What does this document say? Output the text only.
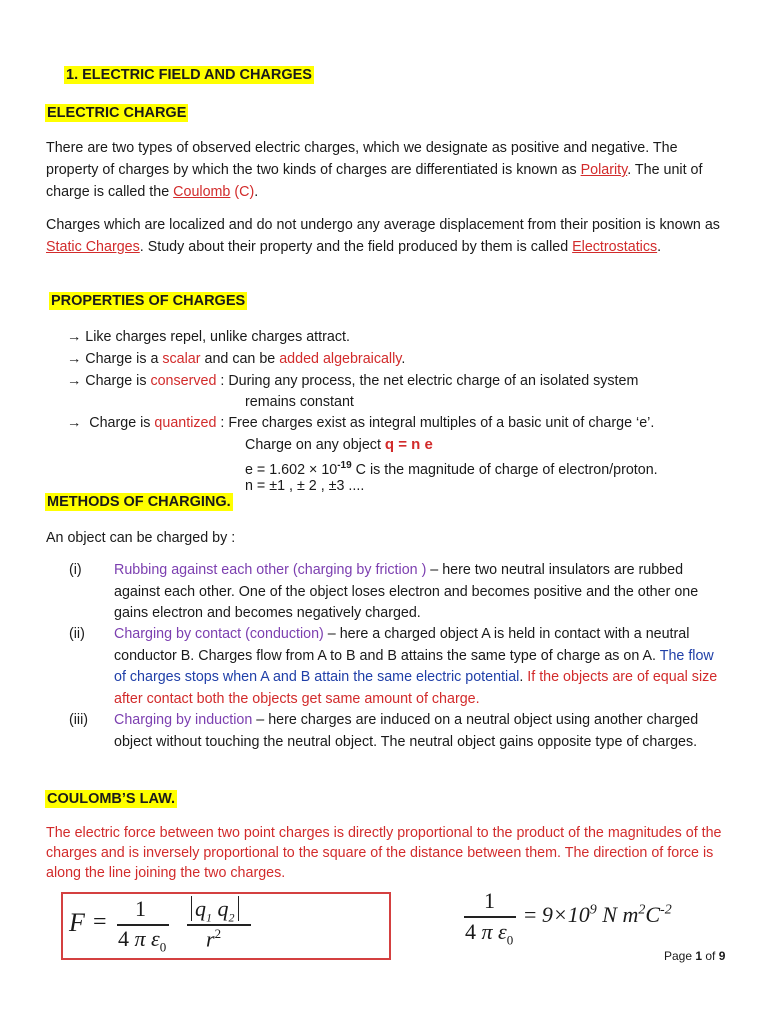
1. ELECTRIC FIELD AND CHARGES
ELECTRIC CHARGE
There are two types of observed electric charges, which we designate as positive and negative. The property of charges by which the two kinds of charges are differentiated is known as Polarity. The unit of charge is called the Coulomb (C).
Charges which are localized and do not undergo any average displacement from their position is known as Static Charges. Study about their property and the field produced by them is called Electrostatics.
PROPERTIES OF CHARGES
→ Like charges repel, unlike charges attract.
→ Charge is a scalar and can be added algebraically.
→ Charge is conserved : During any process, the net electric charge of an isolated system
remains constant
→ Charge is quantized : Free charges exist as integral multiples of a basic unit of charge ‘e’.
Charge on any object q = n e
$e = 1.602 \times 10^{-19}$ C is the magnitude of charge of electron/proton.
n = ±1 , ± 2 , ±3 ....
METHODS OF CHARGING.
An object can be charged by :
(i) Rubbing against each other (charging by friction ) – here two neutral insulators are rubbed against each other. One of the object loses electron and becomes positive and the other one gains electron and becomes negatively charged.
(ii) Charging by contact (conduction) – here a charged object A is held in contact with a neutral conductor B. Charges flow from A to B and B attains the same type of charge as on A. The flow of charges stops when A and B attain the same electric potential. If the objects are of equal size after contact both the objects get same amount of charge.
(iii) Charging by induction – here charges are induced on a neutral object using another charged object without touching the neutral object. The neutral object gains opposite type of charges.
COULOMB’S LAW.
The electric force between two point charges is directly proportional to the product of the magnitudes of the charges and is inversely proportional to the square of the distance between them. The direction of force is along the line joining the two charges.
F =
1
4 π $\varepsilon_0$
$q_1$ $q_2$
$r^2$
1
4 π $\varepsilon_0$
= $9\times 10^9$ N $m^2C^{-2}$
Page 1 of 9
